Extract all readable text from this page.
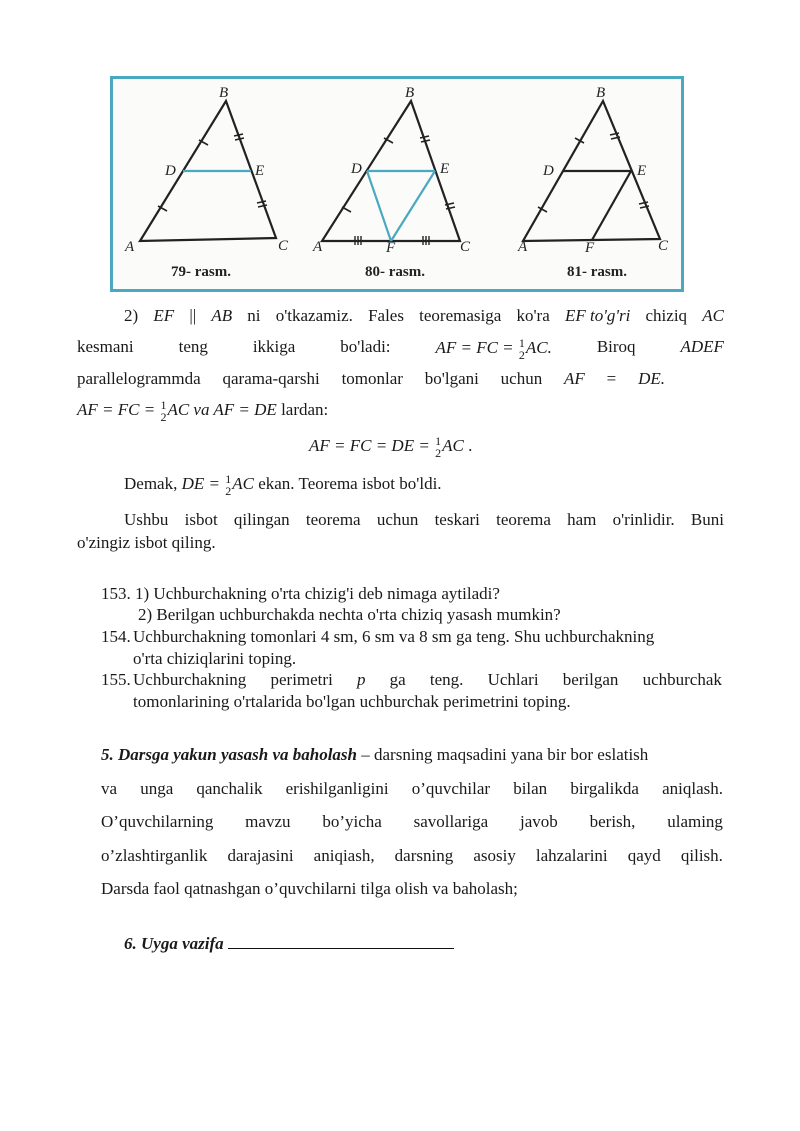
B
D	E
A	C
B
D	E
A	F	C
B
D	E
A	F	C
79- rasm.	80- rasm.	81- rasm.
2) EF || AB ni o'tkazamiz. Fales teoremasiga ko'ra EF to'g'ri chiziq AC
kesmani	teng	ikkiga	bo'ladi:	AF = FC = 1
2 AC.	Biroq	ADEF
parallelogrammda qarama-qarshi tomonlar bo'lgani uchun AF = DE.
AF = FC = 1
2 AC va AF = DE lardan:
AF = FC = DE = 1
2 AC .
Demak, DE = 1
2 AC ekan. Teorema isbot bo'ldi.
Ushbu isbot qilingan teorema uchun teskari teorema ham o'rinlidir. Buni
o'zingiz isbot qiling.
153. 1) Uchburchakning o'rta chizig'i deb nimaga aytiladi?
2) Berilgan uchburchakda nechta o'rta chiziq yasash mumkin?
154. Uchburchakning tomonlari 4 sm, 6 sm va 8 sm ga teng. Shu uchburchakning
o'rta chiziqlarini toping.
155. Uchburchakning perimetri p ga teng. Uchlari berilgan uchburchak
tomonlarining o'rtalarida bo'lgan uchburchak perimetrini toping.
5. Darsga yakun yasash va baholash – darsning maqsadini yana bir bor eslatish
va unga qanchalik erishilganligini o’quvchilar bilan birgalikda aniqlash.
O’quvchilarning mavzu bo’yicha savollariga javob berish, ulaming
o’zlashtirganlik darajasini aniqiash, darsning asosiy lahzalarini qayd qilish.
Darsda faol qatnashgan o’quvchilarni tilga olish va baholash;
6. Uyga vazifa
